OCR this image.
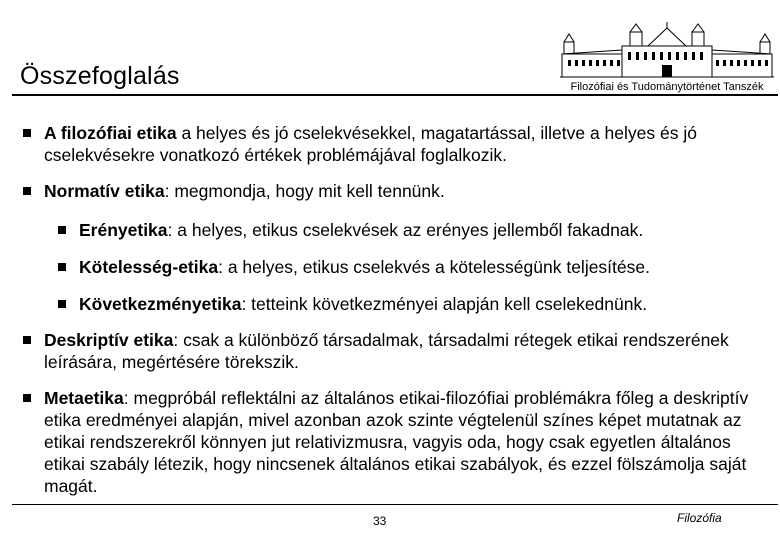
Összefoglalás	Filozófiai és Tudománytörténet Tanszék
A filozófiai etika a helyes és jó cselekvésekkel, magatartással, illetve a helyes és jó cselekvésekre vonatkozó értékek problémájával foglalkozik.
Normatív etika: megmondja, hogy mit kell tennünk.
Erényetika: a helyes, etikus cselekvések az erényes jellemből fakadnak.
Kötelesség-etika: a helyes, etikus cselekvés a kötelességünk teljesítése.
Következményetika: tetteink következményei alapján kell cselekednünk.
Deskriptív etika: csak a különböző társadalmak, társadalmi rétegek etikai rendszerének leírására, megértésére törekszik.
Metaetika: megpróbál reflektálni az általános etikai-filozófiai problémákra főleg a deskriptív etika eredményei alapján, mivel azonban azok szinte végtelenül színes képet mutatnak az etikai rendszerekről könnyen jut relativizmusra, vagyis oda, hogy csak egyetlen általános etikai szabály létezik, hogy nincsenek általános etikai szabályok, és ezzel fölszámolja saját magát.
33	Filozófia
